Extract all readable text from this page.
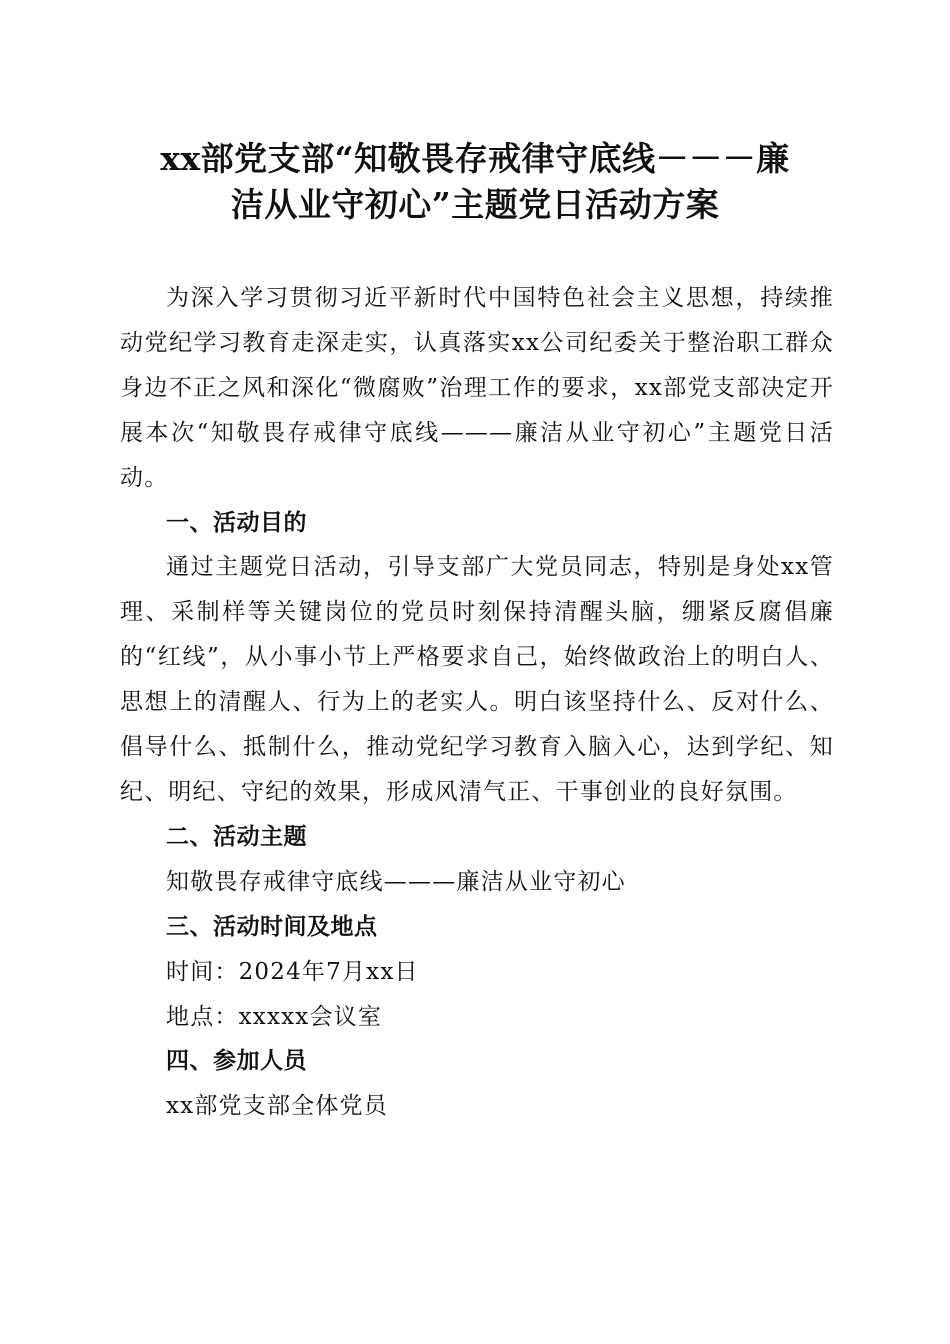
xx部党支部“知敬畏存戒律守底线－－－廉
洁从业守初心”主题党日活动方案

为深入学习贯彻习近平新时代中国特色社会主义思想，持续推动党纪学习教育走深走实，认真落实xx公司纪委关于整治职工群众身边不正之风和深化“微腐败”治理工作的要求，xx部党支部决定开展本次“知敬畏存戒律守底线———廉洁从业守初心”主题党日活动。

一、活动目的

通过主题党日活动，引导支部广大党员同志，特别是身处xx管理、采制样等关键岗位的党员时刻保持清醒头脑，绷紧反腐倡廉的“红线”，从小事小节上严格要求自己，始终做政治上的明白人、思想上的清醒人、行为上的老实人。明白该坚持什么、反对什么、倡导什么、抵制什么，推动党纪学习教育入脑入心，达到学纪、知纪、明纪、守纪的效果，形成风清气正、干事创业的良好氛围。

二、活动主题

知敬畏存戒律守底线———廉洁从业守初心

三、活动时间及地点

时间：2024年7月xx日

地点：xxxxx会议室

四、参加人员

xx部党支部全体党员
